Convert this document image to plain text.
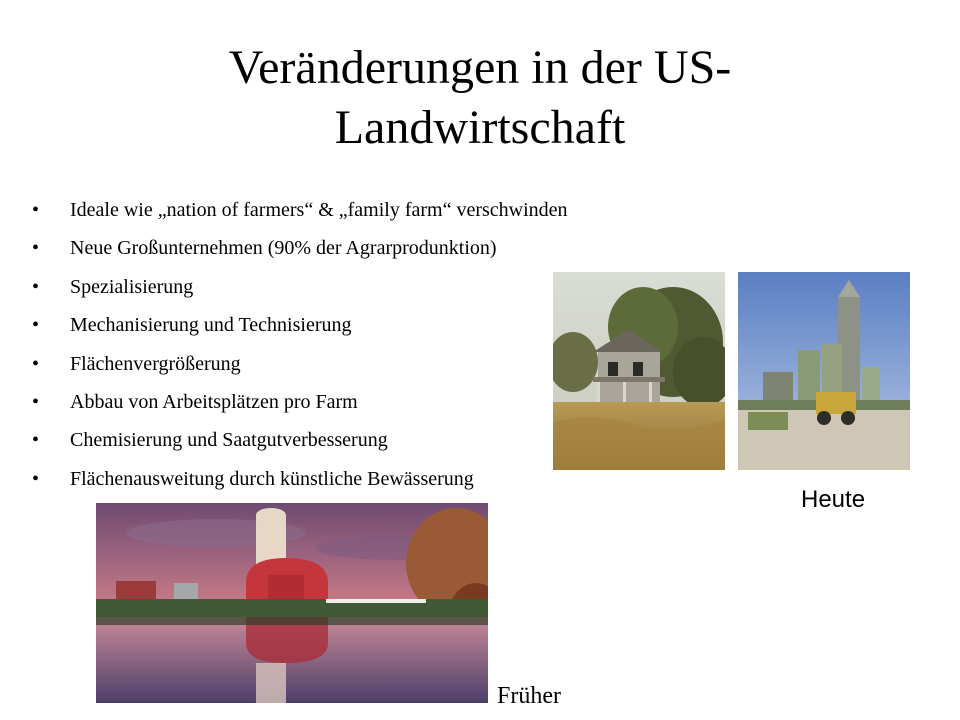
Veränderungen in der US-
Landwirtschaft
• Ideale wie „nation of farmers“ & „family farm“ verschwinden
• Neue Großunternehmen (90% der Agrarprodunktion)
• Spezialisierung
• Mechanisierung und Technisierung
• Flächenvergrößerung
• Abbau von Arbeitsplätzen pro Farm
• Chemisierung und Saatgutverbesserung
• Flächenausweitung durch künstliche Bewässerung
Heute
Früher
